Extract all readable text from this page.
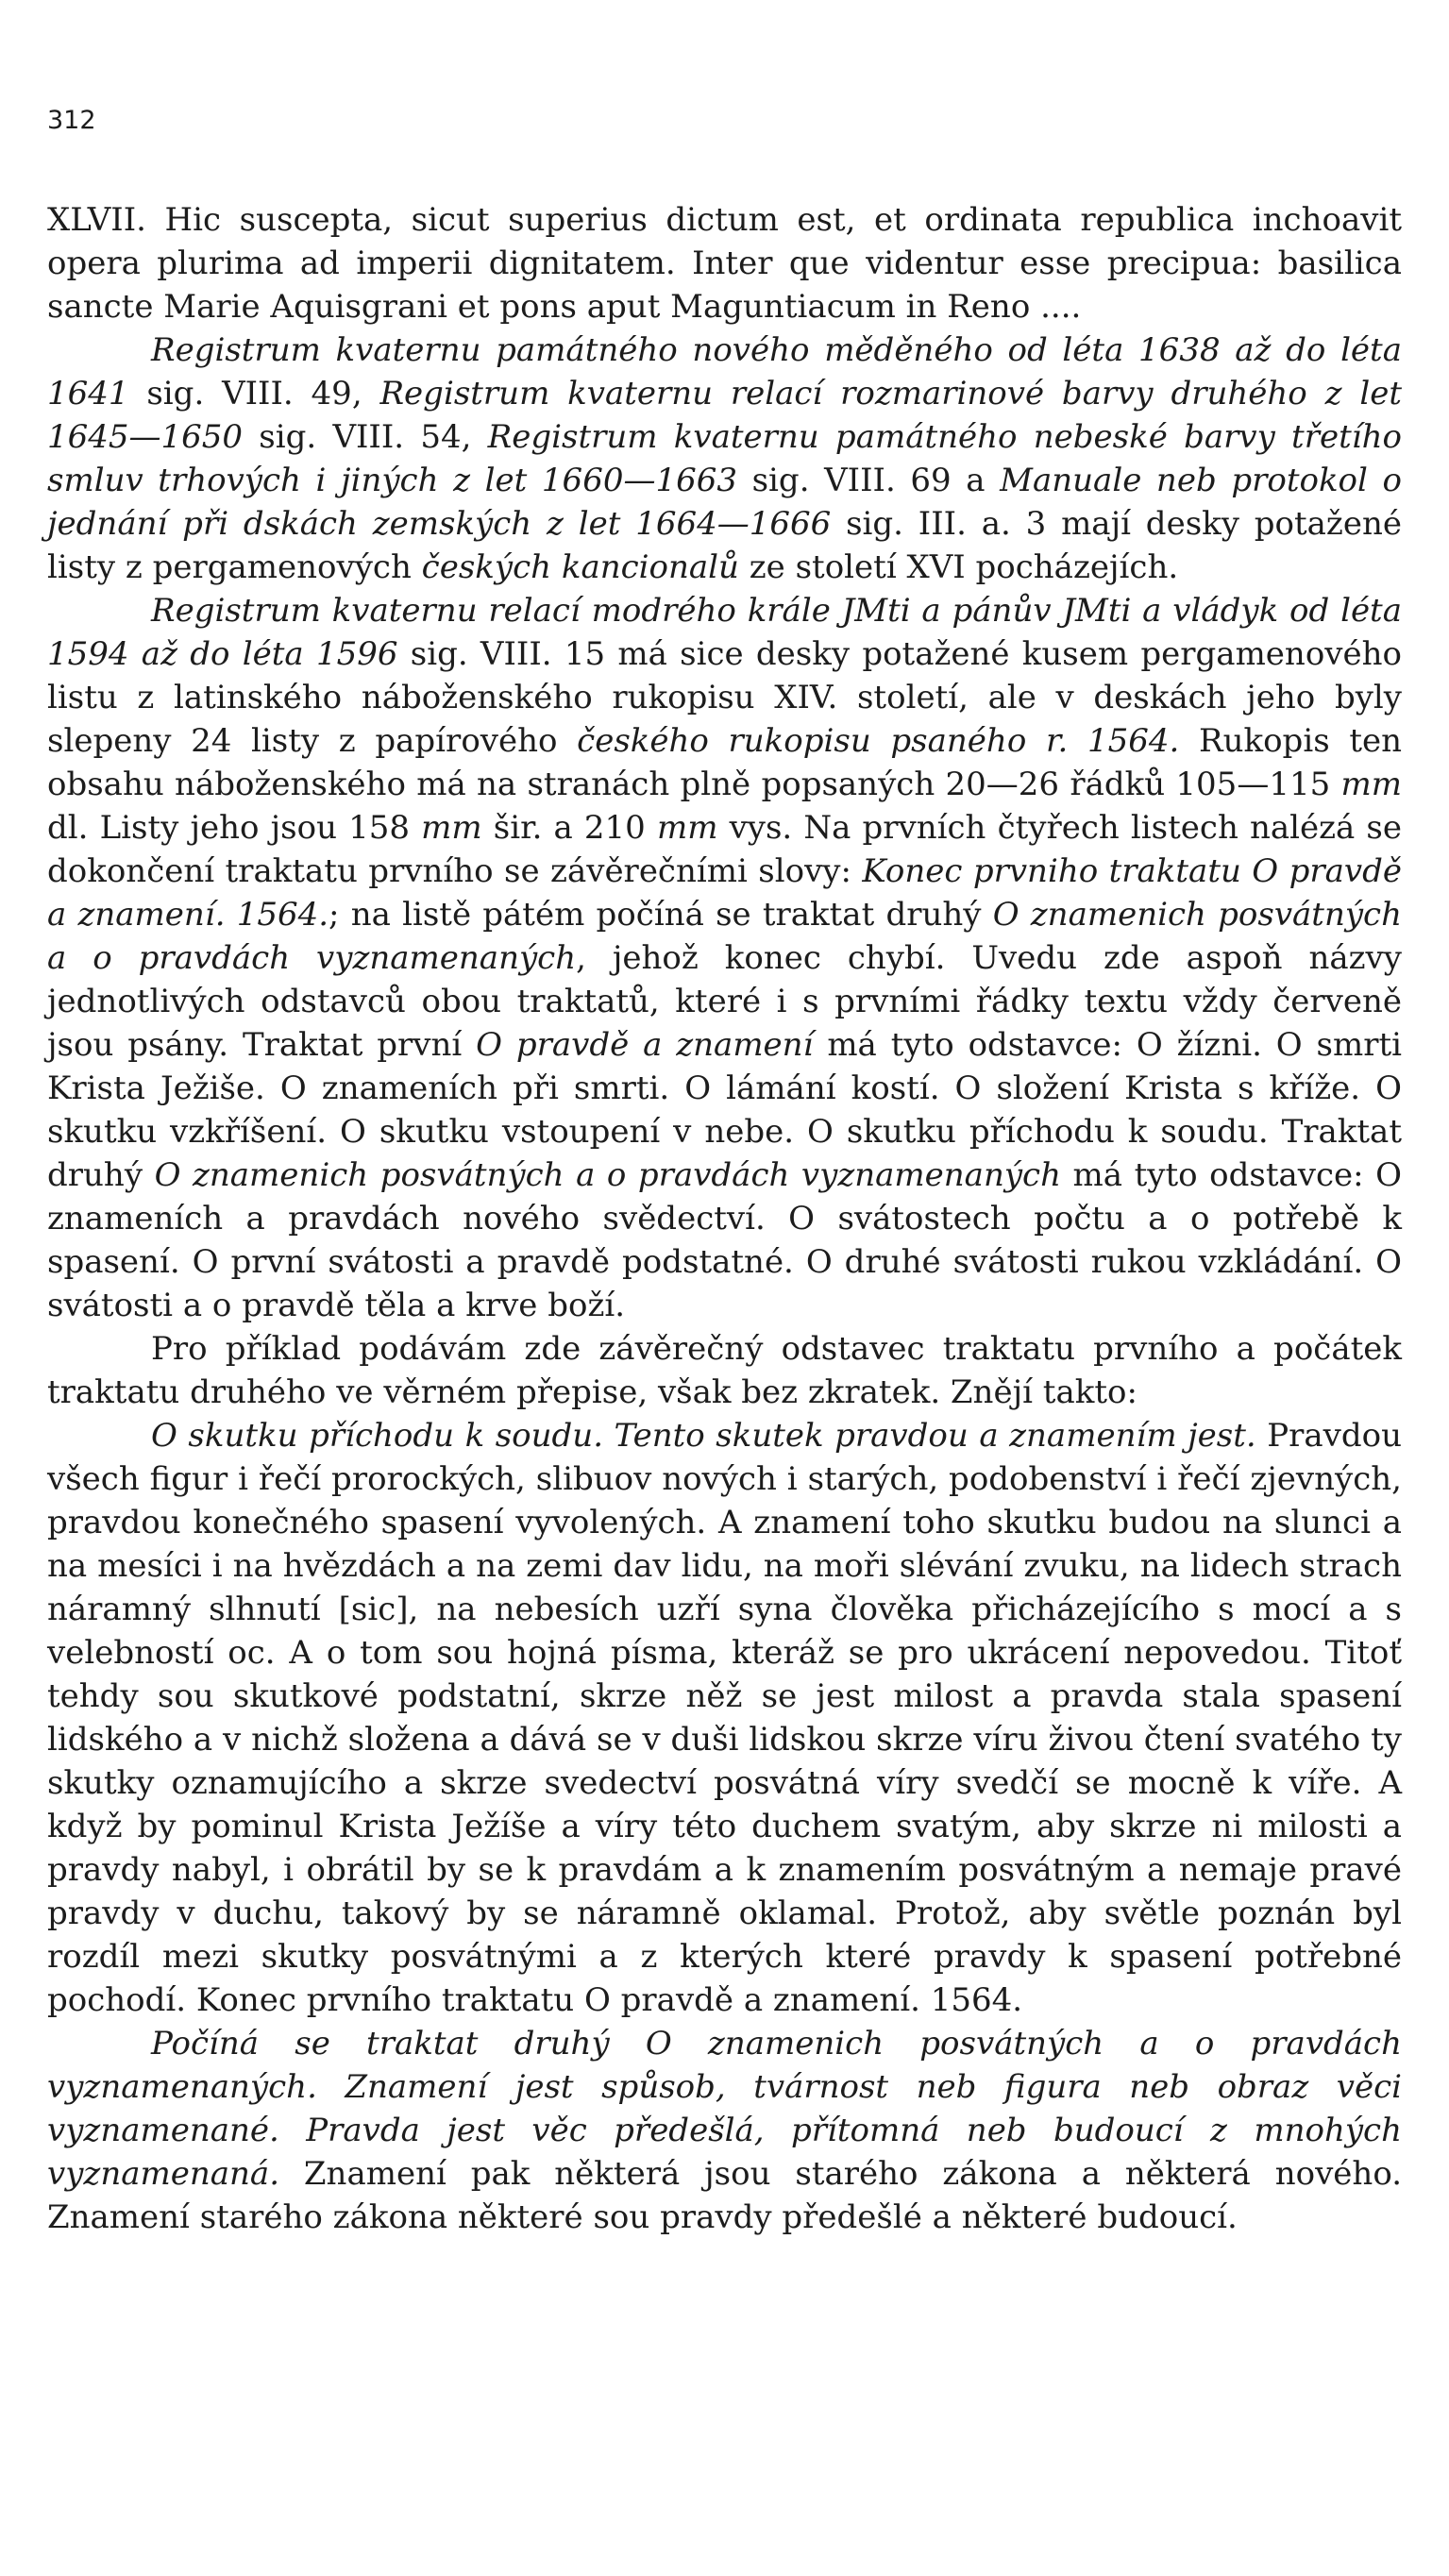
312

XLVII. Hic suscepta, sicut superius dictum est, et ordinata republica inchoavit opera plurima ad imperii dignitatem. Inter que videntur esse precipua: basilica sancte Marie Aquisgrani et pons aput Maguntiacum in Reno ....

Registrum kvaternu památného nového měděného od léta 1638 až do léta 1641 sig. VIII. 49, Registrum kvaternu relací rozmarinové barvy druhého z let 1645—1650 sig. VIII. 54, Registrum kvaternu památného nebeské barvy třetího smluv trhových i jiných z let 1660—1663 sig. VIII. 69 a Manuale neb protokol o jednání při dskách zemských z let 1664—1666 sig. III. a. 3 mají desky potažené listy z pergamenových českých kancionalů ze století XVI pocházejích.

Registrum kvaternu relací modrého krále JMti a pánův JMti a vládyk od léta 1594 až do léta 1596 sig. VIII. 15 má sice desky potažené kusem pergamenového listu z latinského náboženského rukopisu XIV. století, ale v deskách jeho byly slepeny 24 listy z papírového českého rukopisu psaného r. 1564. Rukopis ten obsahu náboženského má na stranách plně popsaných 20—26 řádků 105—115 mm dl. Listy jeho jsou 158 mm šir. a 210 mm vys. Na prvních čtyřech listech nalézá se dokončení traktatu prvního se závěrečními slovy: Konec prvniho traktatu O pravdě a znamení. 1564.; na listě pátém počíná se traktat druhý O znamenich posvátných a o pravdách vyznamenaných, jehož konec chybí. Uvedu zde aspoň názvy jednotlivých odstavců obou traktatů, které i s prvními řádky textu vždy červeně jsou psány. Traktat první O pravdě a znamení má tyto odstavce: O žízni. O smrti Krista Ježiše. O znameních při smrti. O lámání kostí. O složení Krista s kříže. O skutku vzkříšení. O skutku vstoupení v nebe. O skutku příchodu k soudu. Traktat druhý O znamenich posvátných a o pravdách vyznamenaných má tyto odstavce: O znameních a pravdách nového svědectví. O svátostech počtu a o potřebě k spasení. O první svátosti a pravdě podstatné. O druhé svátosti rukou vzkládání. O svátosti a o pravdě těla a krve boží.

Pro příklad podávám zde závěrečný odstavec traktatu prvního a počátek traktatu druhého ve věrném přepise, však bez zkratek. Znějí takto:

O skutku příchodu k soudu. Tento skutek pravdou a znamením jest. Pravdou všech figur i řečí prorockých, slibuov nových i starých, podobenství i řečí zjevných, pravdou konečného spasení vyvolených. A znamení toho skutku budou na slunci a na mesíci i na hvězdách a na zemi dav lidu, na moři slévání zvuku, na lidech strach náramný slhnutí [sic], na nebesích uzří syna člověka přicházejícího s mocí a s velebností oc. A o tom sou hojná písma, kteráž se pro ukrácení nepovedou. Titoť tehdy sou skutkové podstatní, skrze něž se jest milost a pravda stala spasení lidského a v nichž složena a dává se v duši lidskou skrze víru živou čtení svatého ty skutky oznamujícího a skrze svedectví posvátná víry svedčí se mocně k víře. A když by pominul Krista Ježíše a víry této duchem svatým, aby skrze ni milosti a pravdy nabyl, i obrátil by se k pravdám a k znamením posvátným a nemaje pravé pravdy v duchu, takový by se náramně oklamal. Protož, aby světle poznán byl rozdíl mezi skutky posvátnými a z kterých které pravdy k spasení potřebné pochodí. Konec prvního traktatu O pravdě a znamení. 1564.

Počíná se traktat druhý O znamenich posvátných a o pravdách vyznamenaných. Znamení jest spůsob, tvárnost neb figura neb obraz věci vyznamenané. Pravda jest věc předešlá, přítomná neb budoucí z mnohých vyznamenaná. Znamení pak některá jsou starého zákona a některá nového. Znamení starého zákona některé sou pravdy předešlé a některé budoucí.
